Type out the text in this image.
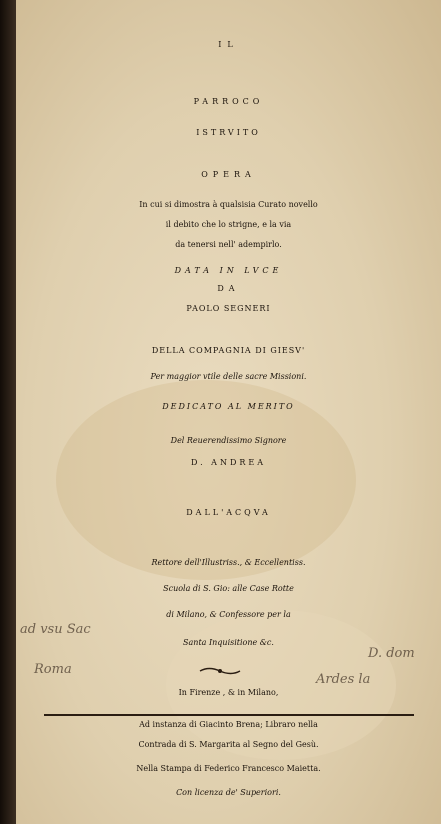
IL
PARROCO
ISTRVITO
OPERA
In cui si dimostra à qualsisia Curato novello
il debito che lo strigne, e la via
da tenersi nell' adempirlo.
DATA IN LVCE
DA
PAOLO SEGNERI
DELLA COMPAGNIA DI GIESV'
Per maggior vtile delle sacre Missioni.
DEDICATO AL MERITO
Del Reuerendissimo Signore
D. ANDREA
DALL'ACQVA
Rettore dell'Illustriss., & Eccellentiss.
Scuola di S. Gio: alle Case Rotte
di Milano, & Confessore per la
Santa Inquisitione &c.
ad vsu Sac
D. dom
Roma
Ardes la
In Firenze , & in Milano,
Ad instanza di Giacinto Brena; Libraro nella
Contrada di S. Margarita al Segno del Gesù.
Nella Stampa di Federico Francesco Maietta.
Con licenza de' Superiori.
